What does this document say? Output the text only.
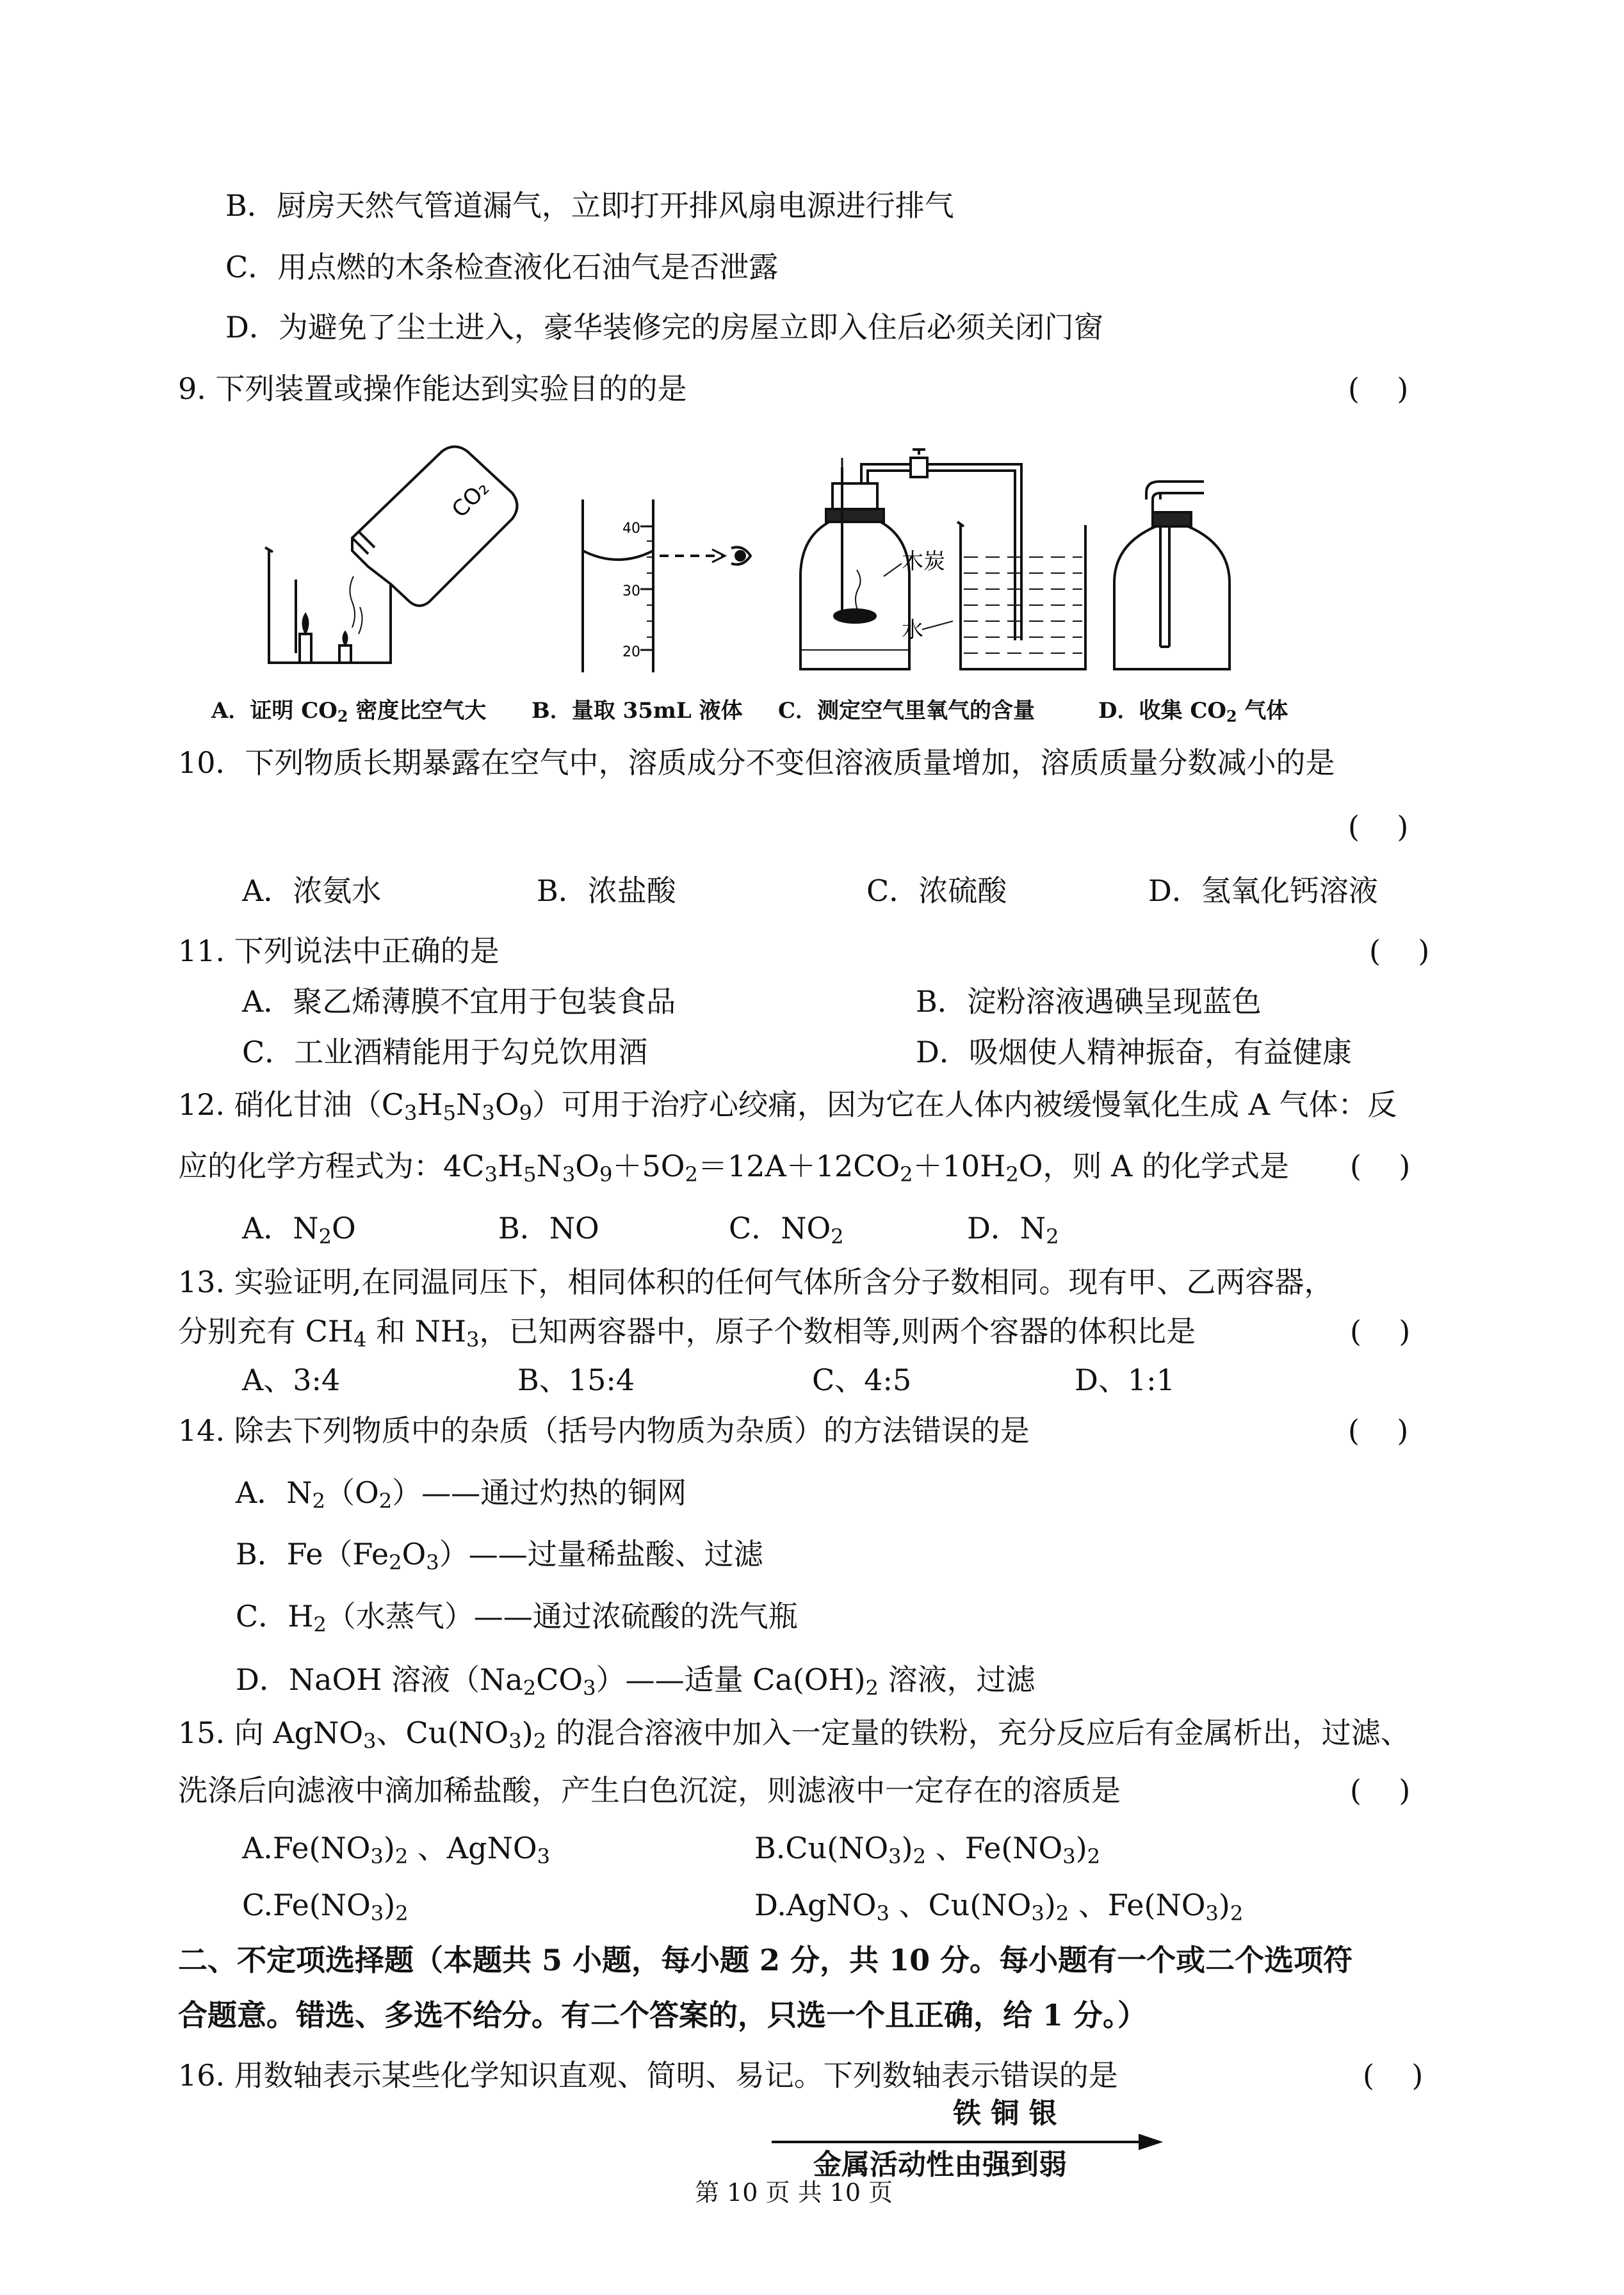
B．厨房天然气管道漏气，立即打开排风扇电源进行排气
C．用点燃的木条检查液化石油气是否泄露
D．为避免了尘土进入，豪华装修完的房屋立即入住后必须关闭门窗
9. 下列装置或操作能达到实验目的的是	(    )
CO₂
40
30
20
木炭
水
A．证明 $CO_2$ 密度比空气大 B．量取 35mL 液体 C．测定空气里氧气的含量	D．收集 $CO_2$ 气体
10．下列物质长期暴露在空气中，溶质成分不变但溶液质量增加，溶质质量分数减小的是
(    )
A．浓氨水	B．浓盐酸	C．浓硫酸	D．氢氧化钙溶液
11. 下列说法中正确的是	(    )
A．聚乙烯薄膜不宜用于包装食品	B．淀粉溶液遇碘呈现蓝色
C．工业酒精能用于勾兑饮用酒	D．吸烟使人精神振奋，有益健康
12. 硝化甘油$(C_3H_5N_3O_9)$可用于治疗心绞痛，因为它在人体内被缓慢氧化生成 A 气体：反
应的化学方程式为：$4C_3H_5N_3O_9+5O_2=12A+12CO_2+10H_2O$，则 A 的化学式是 (    )
A．$N_2O$	B．NO	C．$NO_2$	D．$N_2$
13. 实验证明,在同温同压下，相同体积的任何气体所含分子数相同。现有甲、乙两容器，
分别充有 $CH_4$ 和 $NH_3$，已知两容器中，原子个数相等,则两个容器的体积比是	(    )
A、3:4	B、15:4	C、4:5	D、1:1
14. 除去下列物质中的杂质（括号内物质为杂质）的方法错误的是	(    )
A．$N_2(O_2)——$通过灼热的铜网
B．$Fe(Fe_2O_3)——$过量稀盐酸、过滤
C．$H_2$（水蒸气）——通过浓硫酸的洗气瓶
D．NaOH 溶液$(Na_2CO_3)——$适量 $Ca(OH)_2$ 溶液，过滤
15. 向 AgNO$_3$、$Cu(NO_3)_2$ 的混合溶液中加入一定量的铁粉，充分反应后有金属析出，过滤、
洗涤后向滤液中滴加稀盐酸，产生白色沉淀，则滤液中一定存在的溶质是	(    )
$A.Fe(NO_3)_2$ 、AgNO$_3$	$B.Cu(NO_3)_2$ 、$Fe(NO_3)_2$
$C.Fe(NO_3)_2$	D.AgNO$_3$ 、$Cu(NO_3)_2$ 、$Fe(NO_3)_2$
二、不定项选择题（本题共 5 小题，每小题 2 分，共 10 分。每小题有一个或二个选项符
合题意。错选、多选不给分。有二个答案的，只选一个且正确，给 1 分。）
16. 用数轴表示某些化学知识直观、简明、易记。下列数轴表示错误的是	(    )
铁 铜 银
金属活动性由强到弱
第 10 页 共 10 页
